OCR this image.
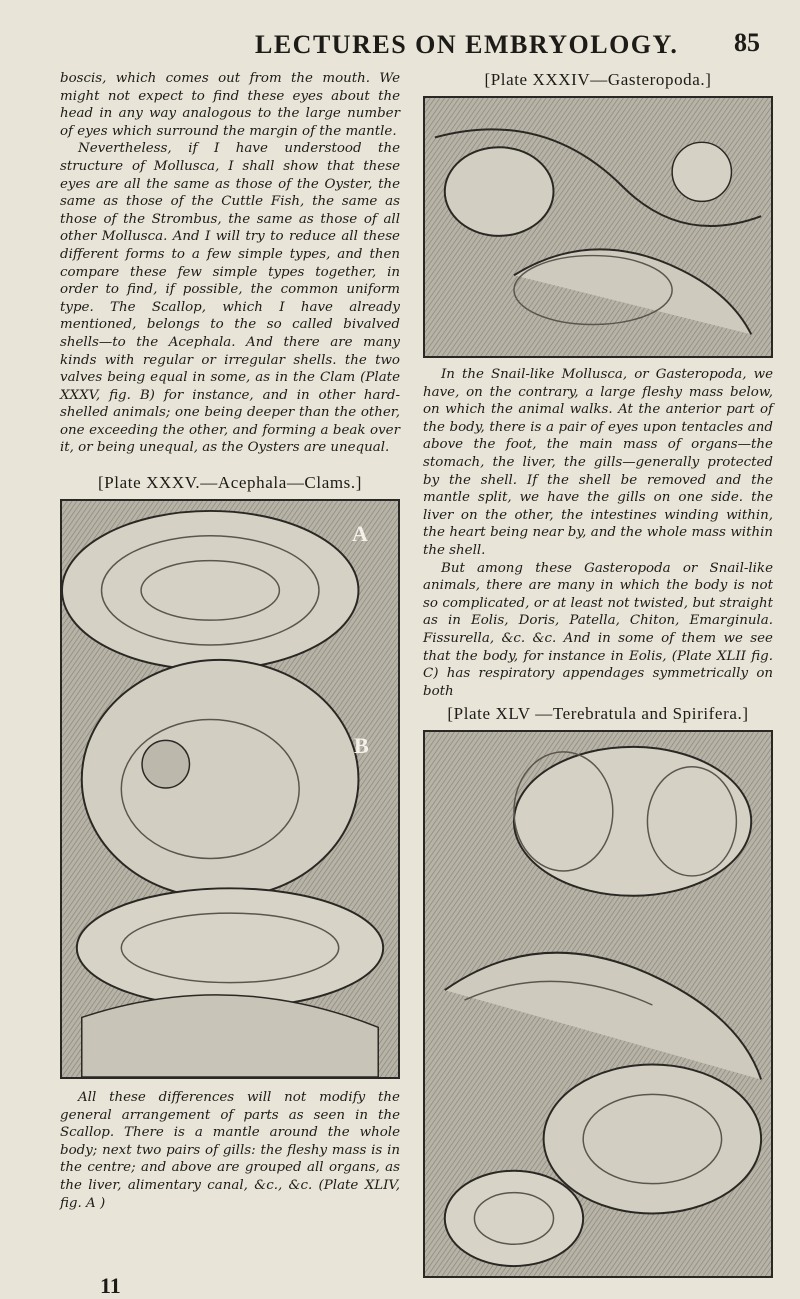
LECTURES ON EMBRYOLOGY. 85

boscis, which comes out from the mouth. We might not expect to find these eyes about the head in any way analogous to the large number of eyes which surround the margin of the mantle.

Nevertheless, if I have understood the structure of Mollusca, I shall show that these eyes are all the same as those of the Oyster, the same as those of the Cuttle Fish, the same as those of the Strombus, the same as those of all other Mollusca. And I will try to reduce all these different forms to a few simple types, and then compare these few simple types together, in order to find, if possible, the common uniform type. The Scallop, which I have already mentioned, belongs to the so called bivalved shells—to the Acephala. And there are many kinds with regular or irregular shells. the two valves being equal in some, as in the Clam (Plate XXXV, fig. B) for instance, and in other hard-shelled animals; one being deeper than the other, one exceeding the other, and forming a beak over it, or being unequal, as the Oysters are unequal.

[Plate XXXV.—Acephala—Clams.]

A
B

All these differences will not modify the general arrangement of parts as seen in the Scallop. There is a mantle around the whole body; next two pairs of gills: the fleshy mass is in the centre; and above are grouped all organs, as the liver, alimentary canal, &c., &c. (Plate XLIV, fig. A )

[Plate XXXIV—Gasteropoda.]

In the Snail-like Mollusca, or Gasteropoda, we have, on the contrary, a large fleshy mass below, on which the animal walks. At the anterior part of the body, there is a pair of eyes upon tentacles and above the foot, the main mass of organs—the stomach, the liver, the gills—generally protected by the shell. If the shell be removed and the mantle split, we have the gills on one side. the liver on the other, the intestines winding within, the heart being near by, and the whole mass within the shell.

But among these Gasteropoda or Snail-like animals, there are many in which the body is not so complicated, or at least not twisted, but straight as in Eolis, Doris, Patella, Chiton, Emarginula. Fissurella, &c. &c. And in some of them we see that the body, for instance in Eolis, (Plate XLII fig. C) has respiratory appendages symmetrically on both

[Plate XLV —Terebratula and Spirifera.]

11
